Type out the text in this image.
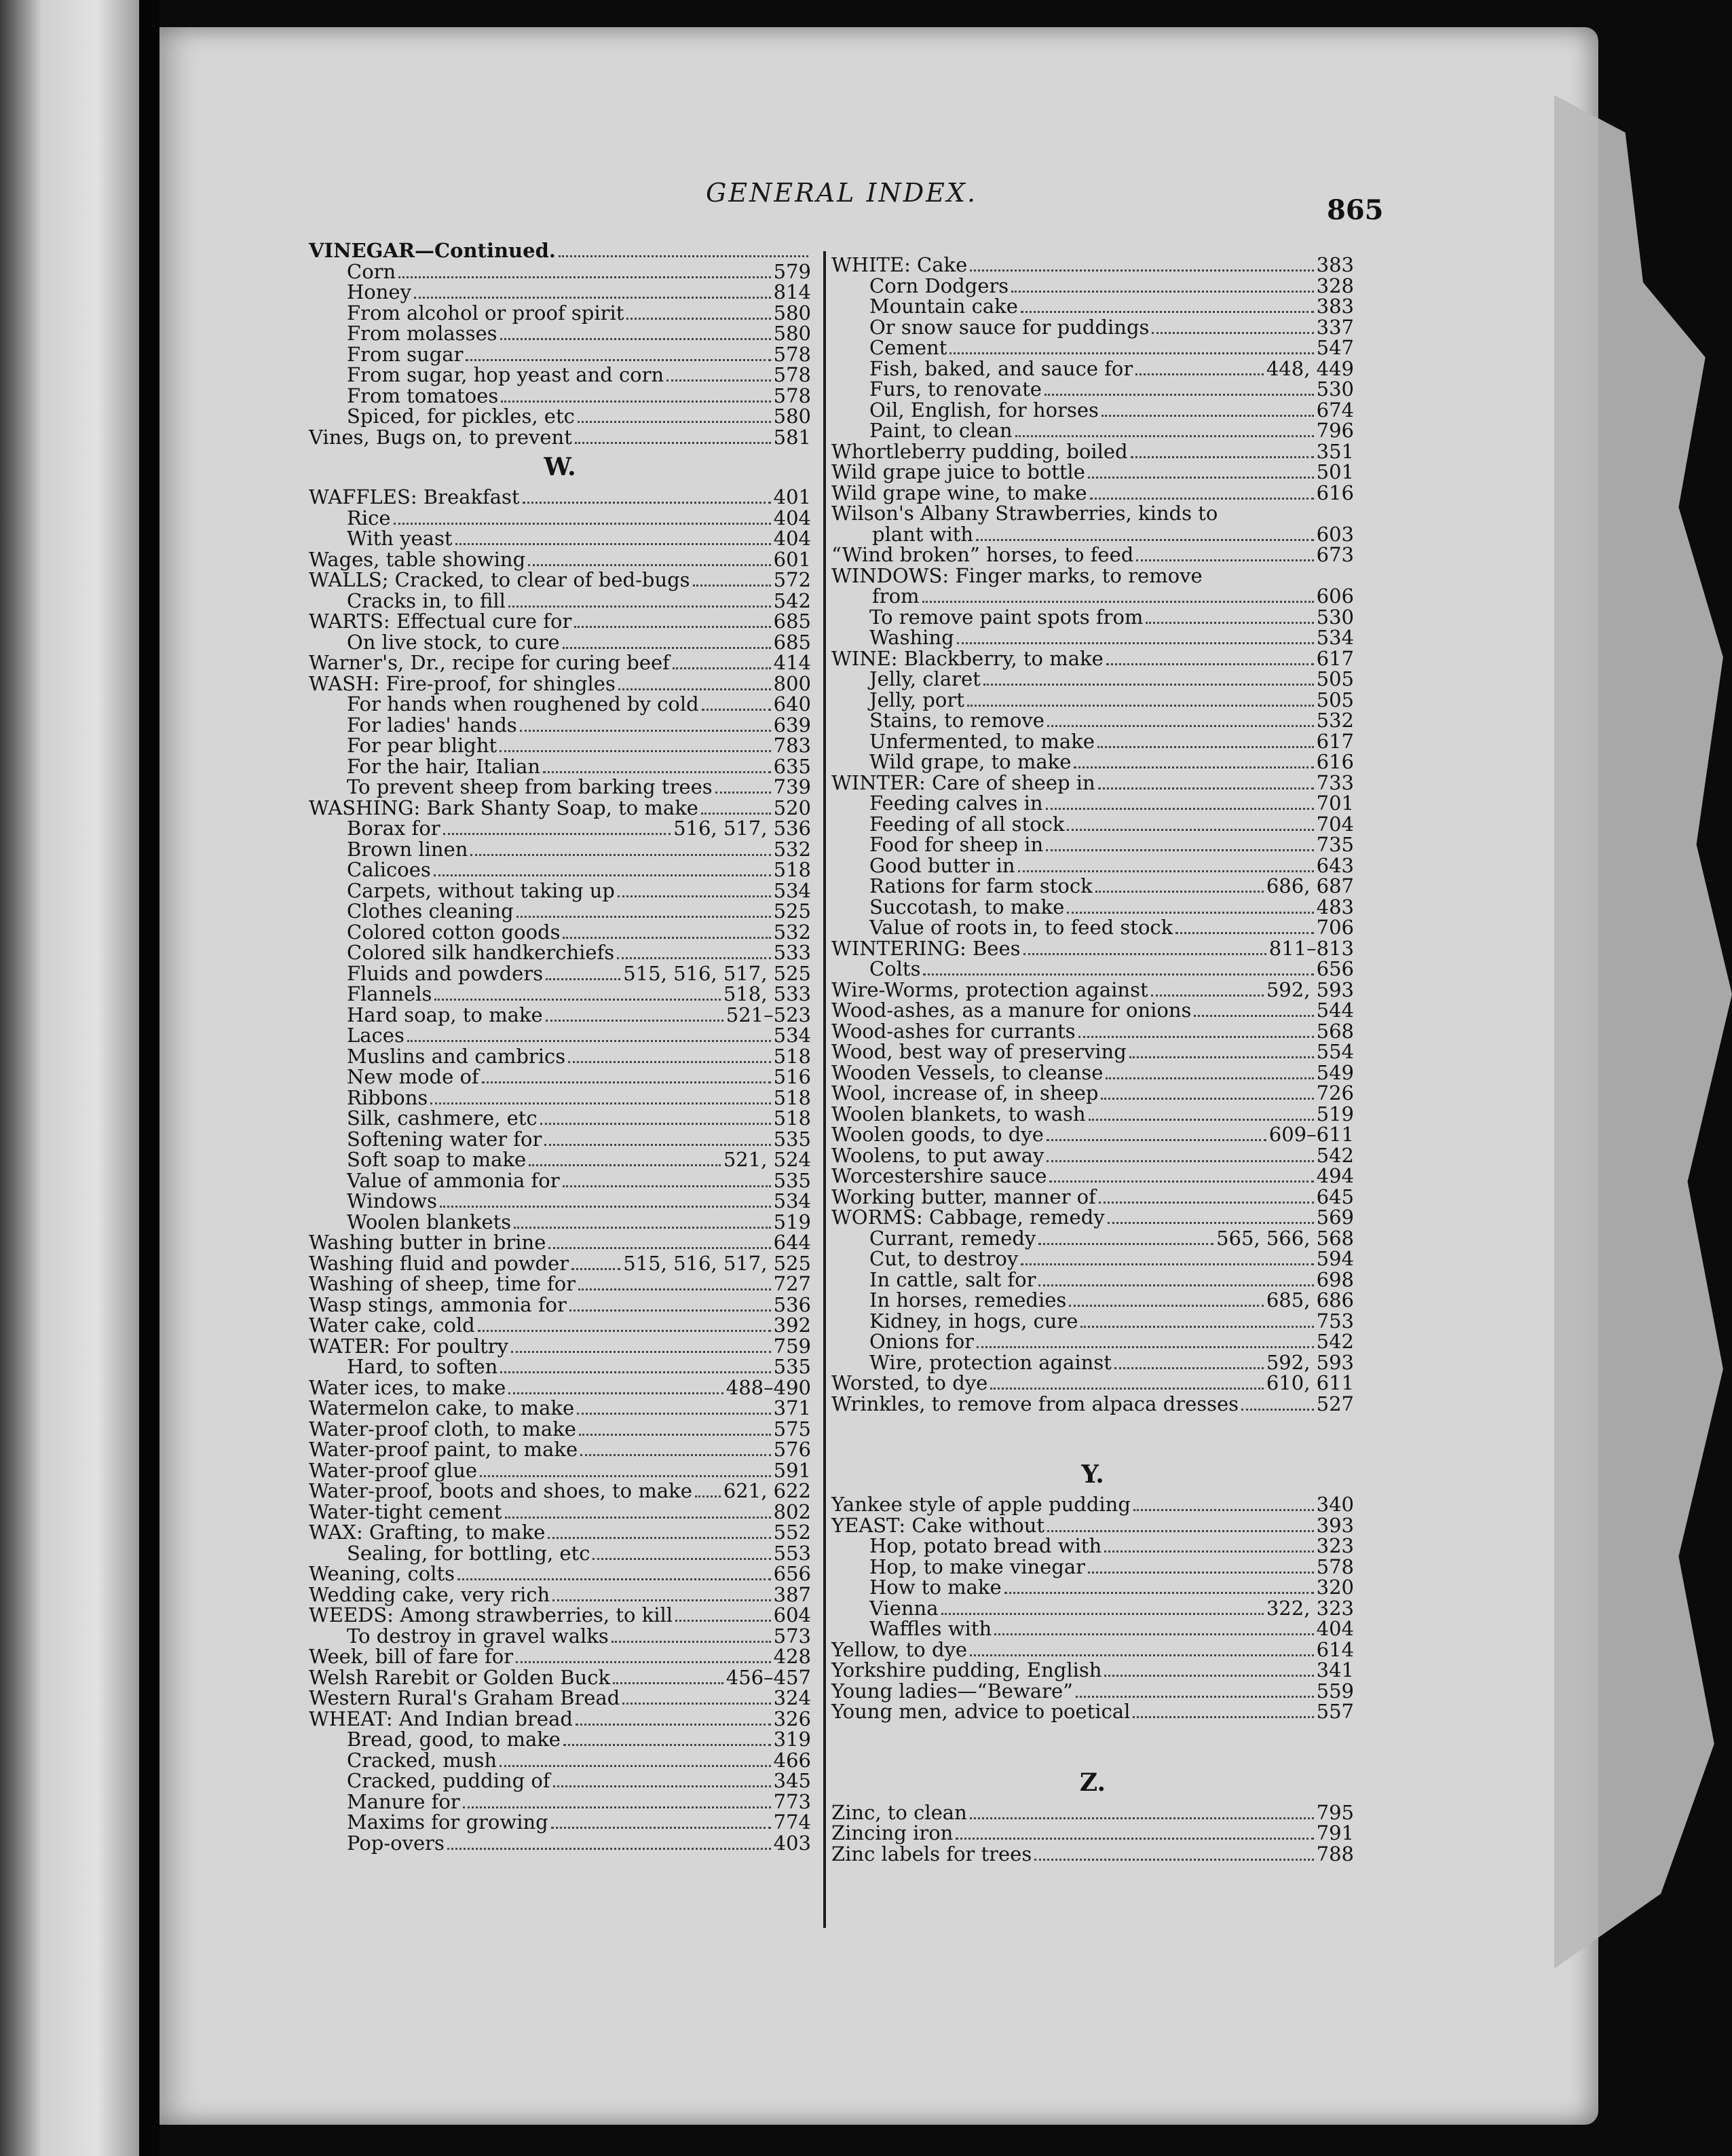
GENERAL INDEX.
865
VINEGAR—Continued.
Corn	579
Honey	814
From alcohol or proof spirit	580
From molasses	580
From sugar	578
From sugar, hop yeast and corn	578
From tomatoes	578
Spiced, for pickles, etc	580
Vines, Bugs on, to prevent	581
W.
WAFFLES: Breakfast	401
Rice	404
With yeast	404
Wages, table showing	601
WALLS; Cracked, to clear of bed-bugs	572
Cracks in, to fill	542
WARTS: Effectual cure for	685
On live stock, to cure	685
Warner's, Dr., recipe for curing beef	414
WASH: Fire-proof, for shingles	800
For hands when roughened by cold	640
For ladies' hands	639
For pear blight	783
For the hair, Italian	635
To prevent sheep from barking trees	739
WASHING: Bark Shanty Soap, to make	520
Borax for	516, 517, 536
Brown linen	532
Calicoes	518
Carpets, without taking up	534
Clothes cleaning	525
Colored cotton goods	532
Colored silk handkerchiefs	533
Fluids and powders	515, 516, 517, 525
Flannels	518, 533
Hard soap, to make	521–523
Laces	534
Muslins and cambrics	518
New mode of	516
Ribbons	518
Silk, cashmere, etc	518
Softening water for	535
Soft soap to make	521, 524
Value of ammonia for	535
Windows	534
Woolen blankets	519
Washing butter in brine	644
Washing fluid and powder	515, 516, 517, 525
Washing of sheep, time for	727
Wasp stings, ammonia for	536
Water cake, cold	392
WATER: For poultry	759
Hard, to soften	535
Water ices, to make	488–490
Watermelon cake, to make	371
Water-proof cloth, to make	575
Water-proof paint, to make	576
Water-proof glue	591
Water-proof, boots and shoes, to make 621, 622
Water-tight cement	802
WAX: Grafting, to make	552
Sealing, for bottling, etc	553
Weaning, colts	656
Wedding cake, very rich	387
WEEDS: Among strawberries, to kill	604
To destroy in gravel walks	573
Week, bill of fare for	428
Welsh Rarebit or Golden Buck	456–457
Western Rural's Graham Bread	324
WHEAT: And Indian bread	326
Bread, good, to make	319
Cracked, mush	466
Cracked, pudding of	345
Manure for	773
Maxims for growing	774
Pop-overs	403
WHITE: Cake	383
Corn Dodgers	328
Mountain cake	383
Or snow sauce for puddings	337
Cement	547
Fish, baked, and sauce for	448, 449
Furs, to renovate	530
Oil, English, for horses	674
Paint, to clean	796
Whortleberry pudding, boiled	351
Wild grape juice to bottle	501
Wild grape wine, to make	616
Wilson's Albany Strawberries, kinds to
plant with	603
“Wind broken” horses, to feed	673
WINDOWS: Finger marks, to remove
from	606
To remove paint spots from	530
Washing	534
WINE: Blackberry, to make	617
Jelly, claret	505
Jelly, port	505
Stains, to remove	532
Unfermented, to make	617
Wild grape, to make	616
WINTER: Care of sheep in	733
Feeding calves in	701
Feeding of all stock	704
Food for sheep in	735
Good butter in	643
Rations for farm stock	686, 687
Succotash, to make	483
Value of roots in, to feed stock	706
WINTERING: Bees	811–813
Colts	656
Wire-Worms, protection against	592, 593
Wood-ashes, as a manure for onions	544
Wood-ashes for currants	568
Wood, best way of preserving	554
Wooden Vessels, to cleanse	549
Wool, increase of, in sheep	726
Woolen blankets, to wash	519
Woolen goods, to dye	609–611
Woolens, to put away	542
Worcestershire sauce	494
Working butter, manner of	645
WORMS: Cabbage, remedy	569
Currant, remedy	565, 566, 568
Cut, to destroy	594
In cattle, salt for	698
In horses, remedies	685, 686
Kidney, in hogs, cure	753
Onions for	542
Wire, protection against	592, 593
Worsted, to dye	610, 611
Wrinkles, to remove from alpaca dresses	527
Y.
Yankee style of apple pudding	340
YEAST: Cake without	393
Hop, potato bread with	323
Hop, to make vinegar	578
How to make	320
Vienna	322, 323
Waffles with	404
Yellow, to dye	614
Yorkshire pudding, English	341
Young ladies—“Beware”	559
Young men, advice to poetical	557
Z.
Zinc, to clean	795
Zincing iron	791
Zinc labels for trees	788
